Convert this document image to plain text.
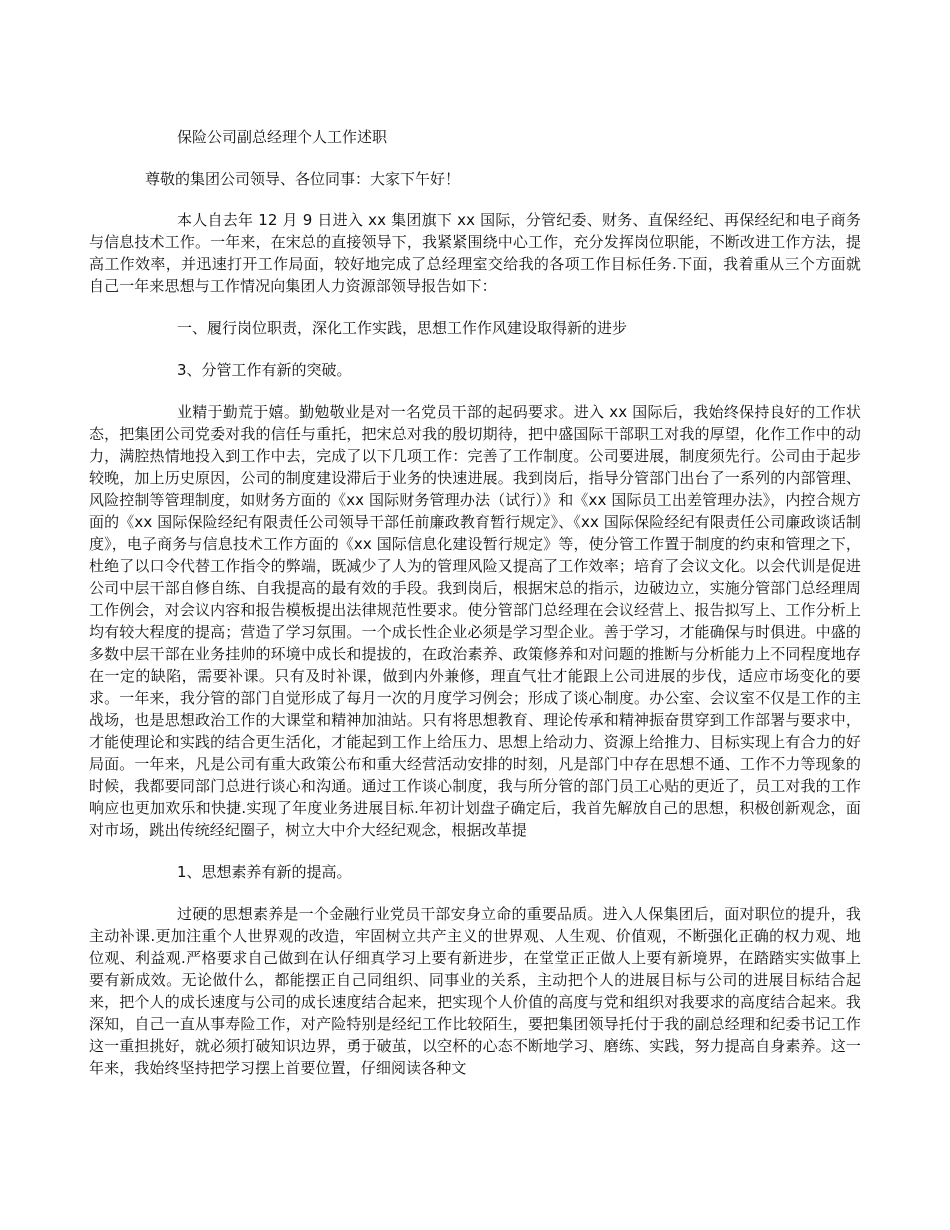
保险公司副总经理个人工作述职

尊敬的集团公司领导、各位同事：大家下午好！

本人自去年 12 月 9 日进入 xx 集团旗下 xx 国际，分管纪委、财务、直保经纪、再保经纪和电子商务与信息技术工作。一年来，在宋总的直接领导下，我紧紧围绕中心工作，充分发挥岗位职能，不断改进工作方法，提高工作效率，并迅速打开工作局面，较好地完成了总经理室交给我的各项工作目标任务.下面，我着重从三个方面就自己一年来思想与工作情况向集团人力资源部领导报告如下：

一、履行岗位职责，深化工作实践，思想工作作风建设取得新的进步

3、分管工作有新的突破。

业精于勤荒于嬉。勤勉敬业是对一名党员干部的起码要求。进入 xx 国际后，我始终保持良好的工作状态，把集团公司党委对我的信任与重托，把宋总对我的殷切期待，把中盛国际干部职工对我的厚望，化作工作中的动力，满腔热情地投入到工作中去，完成了以下几项工作：完善了工作制度。公司要进展，制度须先行。公司由于起步较晚，加上历史原因，公司的制度建设滞后于业务的快速进展。我到岗后，指导分管部门出台了一系列的内部管理、风险控制等管理制度，如财务方面的《xx 国际财务管理办法（试行）》和《xx 国际员工出差管理办法》，内控合规方面的《xx 国际保险经纪有限责任公司领导干部任前廉政教育暂行规定》、《xx 国际保险经纪有限责任公司廉政谈话制度》，电子商务与信息技术工作方面的《xx 国际信息化建设暂行规定》等，使分管工作置于制度的约束和管理之下，杜绝了以口令代替工作指令的弊端，既减少了人为的管理风险又提高了工作效率；培育了会议文化。以会代训是促进公司中层干部自修自练、自我提高的最有效的手段。我到岗后，根据宋总的指示，边破边立，实施分管部门总经理周工作例会，对会议内容和报告模板提出法律规范性要求。使分管部门总经理在会议经营上、报告拟写上、工作分析上均有较大程度的提高；营造了学习氛围。一个成长性企业必须是学习型企业。善于学习，才能确保与时俱进。中盛的多数中层干部在业务挂帅的环境中成长和提拔的，在政治素养、政策修养和对问题的推断与分析能力上不同程度地存在一定的缺陷，需要补课。只有及时补课，做到内外兼修，理直气壮才能跟上公司进展的步伐，适应市场变化的要求。一年来，我分管的部门自觉形成了每月一次的月度学习例会；形成了谈心制度。办公室、会议室不仅是工作的主战场，也是思想政治工作的大课堂和精神加油站。只有将思想教育、理论传承和精神振奋贯穿到工作部署与要求中，才能使理论和实践的结合更生活化，才能起到工作上给压力、思想上给动力、资源上给推力、目标实现上有合力的好局面。一年来，凡是公司有重大政策公布和重大经营活动安排的时刻，凡是部门中存在思想不通、工作不力等现象的时候，我都要同部门总进行谈心和沟通。通过工作谈心制度，我与所分管的部门员工心贴的更近了，员工对我的工作响应也更加欢乐和快捷.实现了年度业务进展目标.年初计划盘子确定后，我首先解放自己的思想，积极创新观念，面对市场，跳出传统经纪圈子，树立大中介大经纪观念，根据改革提

1、思想素养有新的提高。

过硬的思想素养是一个金融行业党员干部安身立命的重要品质。进入人保集团后，面对职位的提升，我主动补课.更加注重个人世界观的改造，牢固树立共产主义的世界观、人生观、价值观，不断强化正确的权力观、地位观、利益观.严格要求自己做到在认仔细真学习上要有新进步，在堂堂正正做人上要有新境界，在踏踏实实做事上要有新成效。无论做什么，都能摆正自己同组织、同事业的关系，主动把个人的进展目标与公司的进展目标结合起来，把个人的成长速度与公司的成长速度结合起来，把实现个人价值的高度与党和组织对我要求的高度结合起来。我深知，自己一直从事寿险工作，对产险特别是经纪工作比较陌生，要把集团领导托付于我的副总经理和纪委书记工作这一重担挑好，就必须打破知识边界，勇于破茧，以空杯的心态不断地学习、磨练、实践，努力提高自身素养。这一年来，我始终坚持把学习摆上首要位置，仔细阅读各种文
